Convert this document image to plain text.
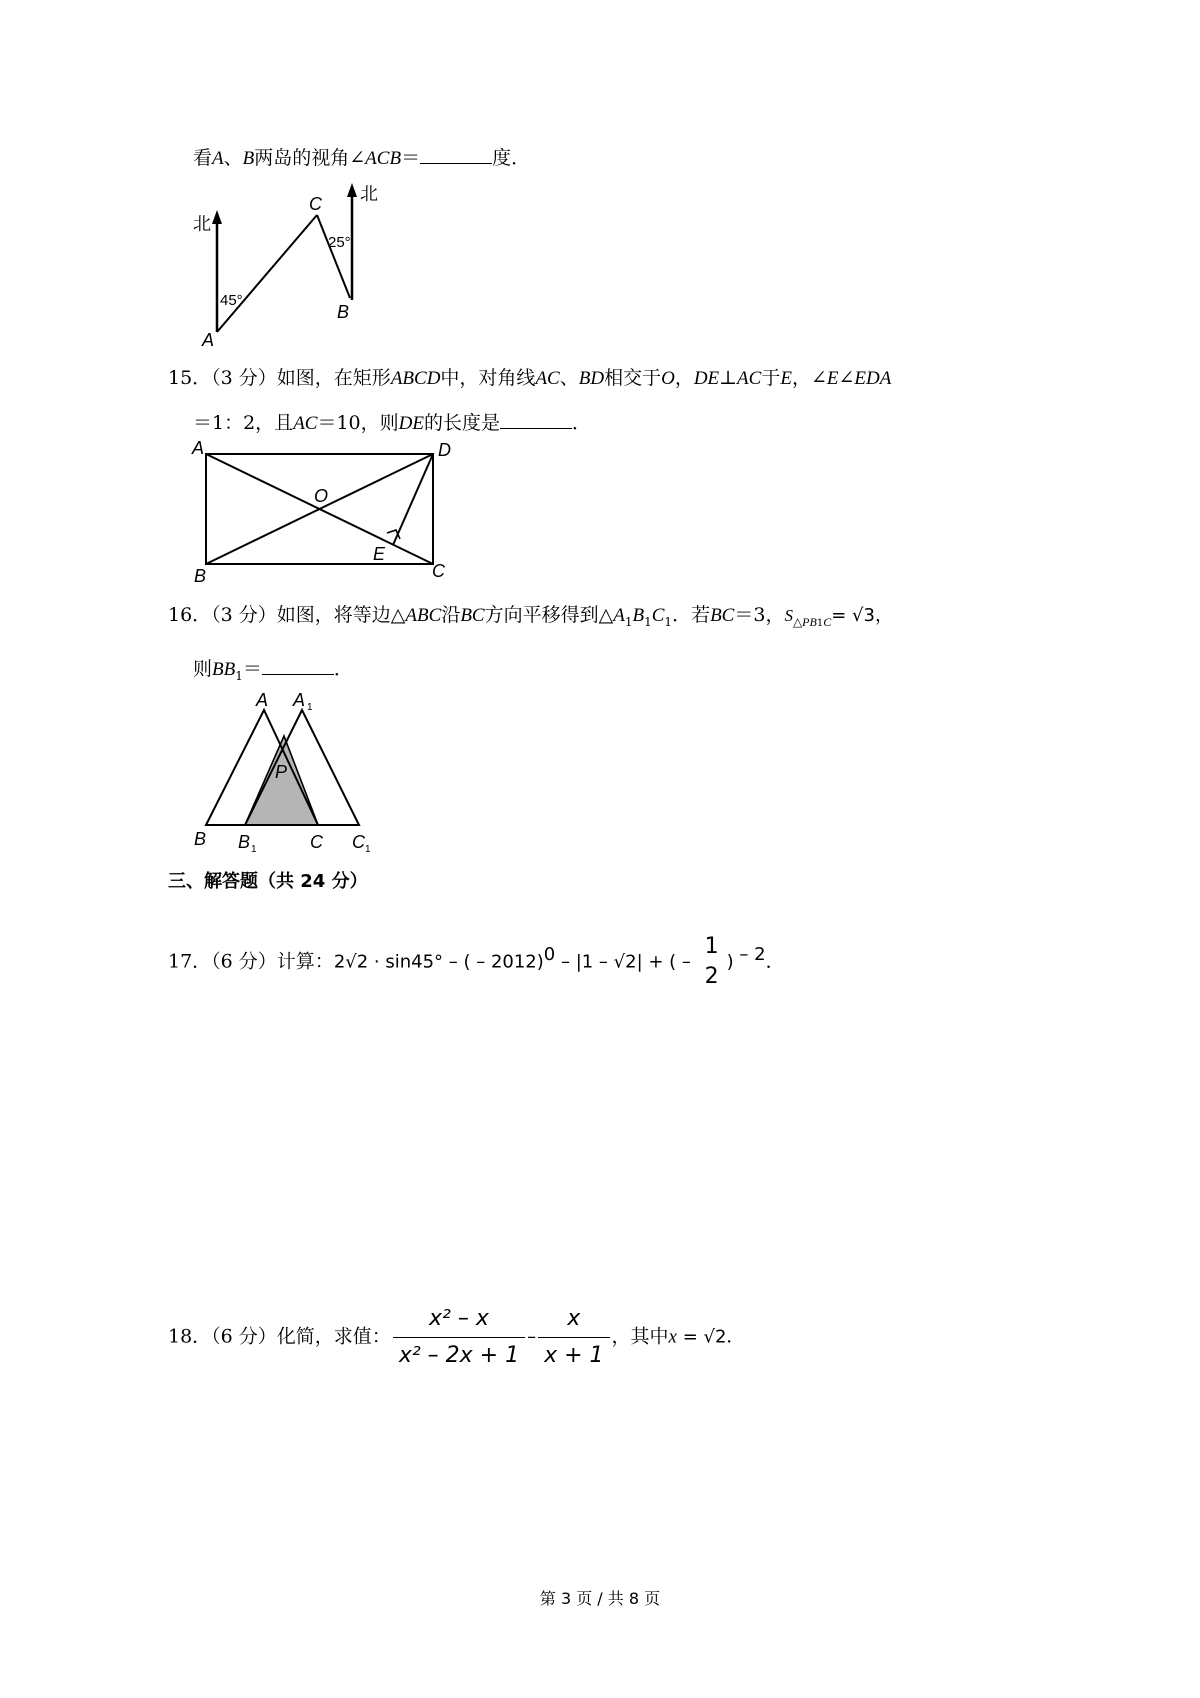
看A、B两岛的视角∠ACB＝	度．
北
北
C
A
B
45°
25°
15．（3 分）如图，在矩形ABCD中，对角线AC、BD相交于O，DE⊥AC于E，∠E∠EDA
＝1：2，且AC＝10，则DE的长度是	．
A	D
B	C
O
E
16．（3 分）如图，将等边△ABC沿BC方向平移得到$\triangle A_1B_1C_1$．若BC＝3，$S_{\triangle PB1C}= √3$，
则$BB_1=$	．
A A 1
P
B B 1	C C 1
三、解答题（共 24 分）
17．（6 分）计算：2√2 · sin45° – ( – 2012)$^0$ – |1 – √2| + ( –
1
2
) $^{- 2}$．
18．（6 分）化简，求值： $\frac{\text{x² – x}}{\text{x² – 2x + 1}} - \frac{x}{x + 1}$ ，其中x = √2．
第 3 页 / 共 8 页
